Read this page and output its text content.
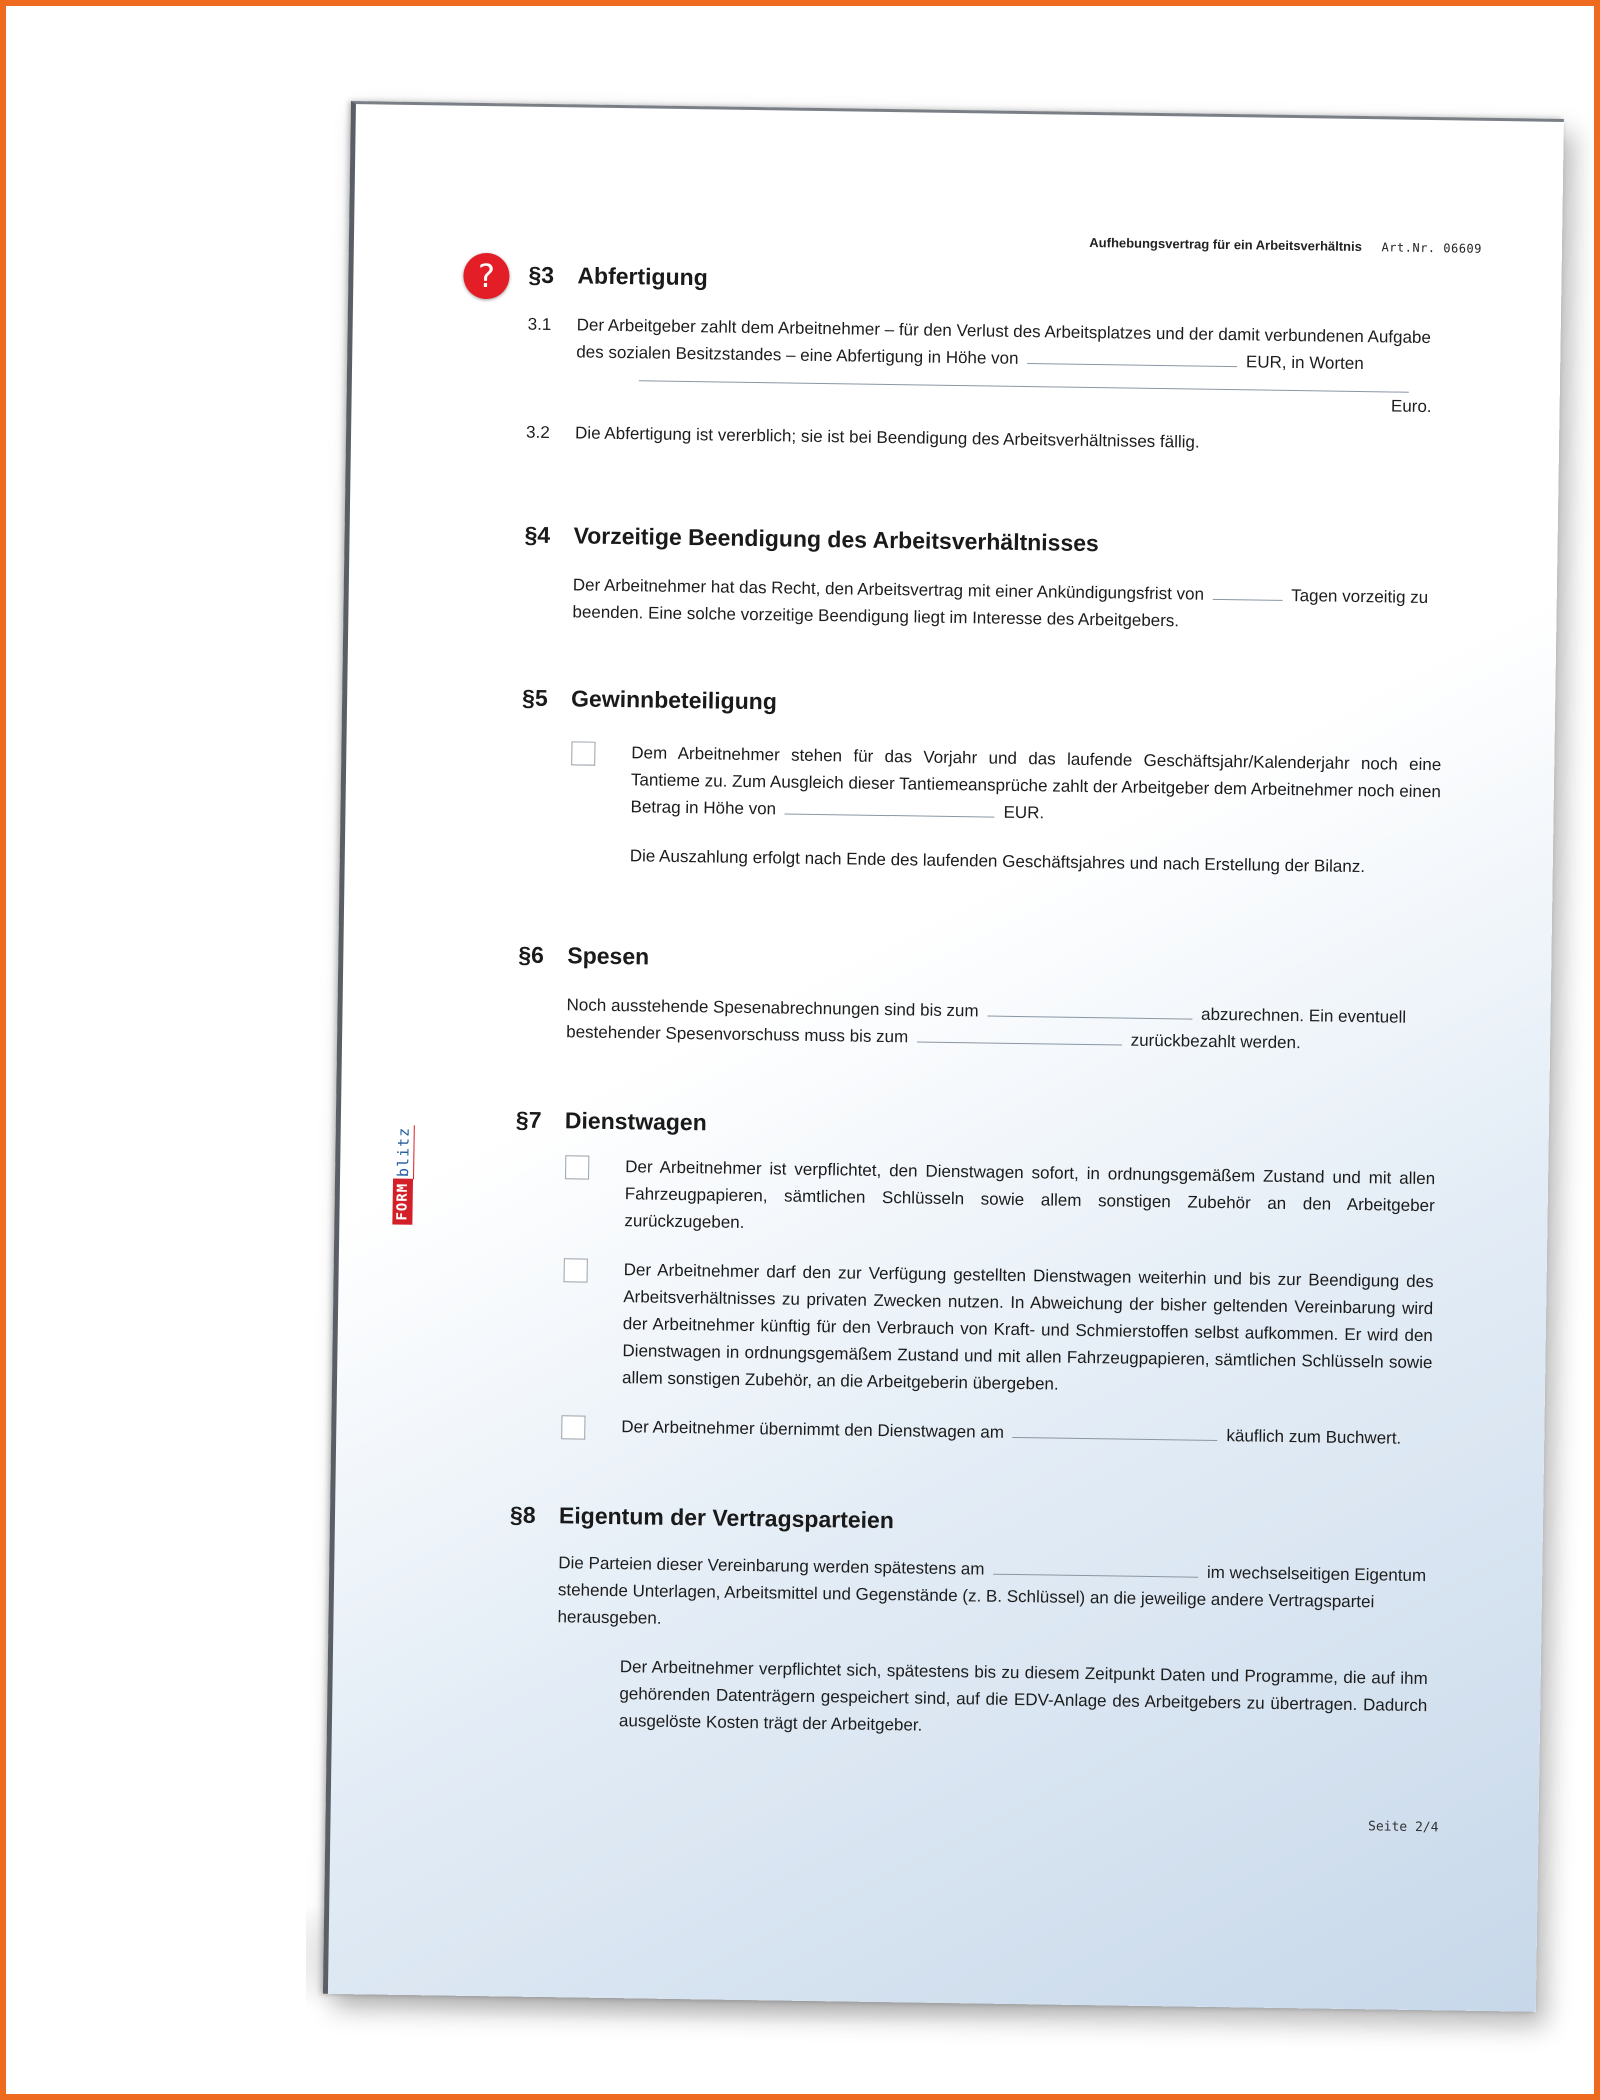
Aufhebungsvertrag für ein Arbeitsverhältnis Art.Nr. 06609
?	§3	Abfertigung
3.1	Der Arbeitgeber zahlt dem Arbeitnehmer – für den Verlust des Arbeitsplatzes und der damit verbundenen Aufgabe des sozialen Besitzstandes – eine Abfertigung in Höhe von	EUR, in Worten
Euro.
3.2	Die Abfertigung ist vererblich; sie ist bei Beendigung des Arbeitsverhältnisses fällig.
§4	Vorzeitige Beendigung des Arbeitsverhältnisses
Der Arbeitnehmer hat das Recht, den Arbeitsvertrag mit einer Ankündigungsfrist von	Tagen vorzeitig zu beenden. Eine solche vorzeitige Beendigung liegt im Interesse des Arbeitgebers.
§5	Gewinnbeteiligung
Dem Arbeitnehmer stehen für das Vorjahr und das laufende Geschäftsjahr/Kalenderjahr noch eine Tantieme zu. Zum Ausgleich dieser Tantiemeansprüche zahlt der Arbeitgeber dem Arbeitnehmer noch einen Betrag in Höhe von	EUR.
Die Auszahlung erfolgt nach Ende des laufenden Geschäftsjahres und nach Erstellung der Bilanz.
§6	Spesen
Noch ausstehende Spesenabrechnungen sind bis zum	abzurechnen. Ein eventuell bestehender Spesenvorschuss muss bis zum	zurückbezahlt werden.
§7	Dienstwagen
Der Arbeitnehmer ist verpflichtet, den Dienstwagen sofort, in ordnungsgemäßem Zustand und mit allen Fahrzeugpapieren, sämtlichen Schlüsseln sowie allem sonstigen Zubehör an den Arbeitgeber zurückzugeben.
Der Arbeitnehmer darf den zur Verfügung gestellten Dienstwagen weiterhin und bis zur Beendigung des Arbeitsverhältnisses zu privaten Zwecken nutzen. In Abweichung der bisher geltenden Vereinbarung wird der Arbeitnehmer künftig für den Verbrauch von Kraft- und Schmierstoffen selbst aufkommen. Er wird den Dienstwagen in ordnungsgemäßem Zustand und mit allen Fahrzeugpapieren, sämtlichen Schlüsseln sowie allem sonstigen Zubehör, an die Arbeitgeberin übergeben.
Der Arbeitnehmer übernimmt den Dienstwagen am	käuflich zum Buchwert.
§8	Eigentum der Vertragsparteien
Die Parteien dieser Vereinbarung werden spätestens am	im wechselseitigen Eigentum stehende Unterlagen, Arbeitsmittel und Gegenstände (z. B. Schlüssel) an die jeweilige andere Vertragspartei herausgeben.
Der Arbeitnehmer verpflichtet sich, spätestens bis zu diesem Zeitpunkt Daten und Programme, die auf ihm gehörenden Datenträgern gespeichert sind, auf die EDV-Anlage des Arbeitgebers zu übertragen. Dadurch ausgelöste Kosten trägt der Arbeitgeber.
FORM
blitz
Seite 2/4
